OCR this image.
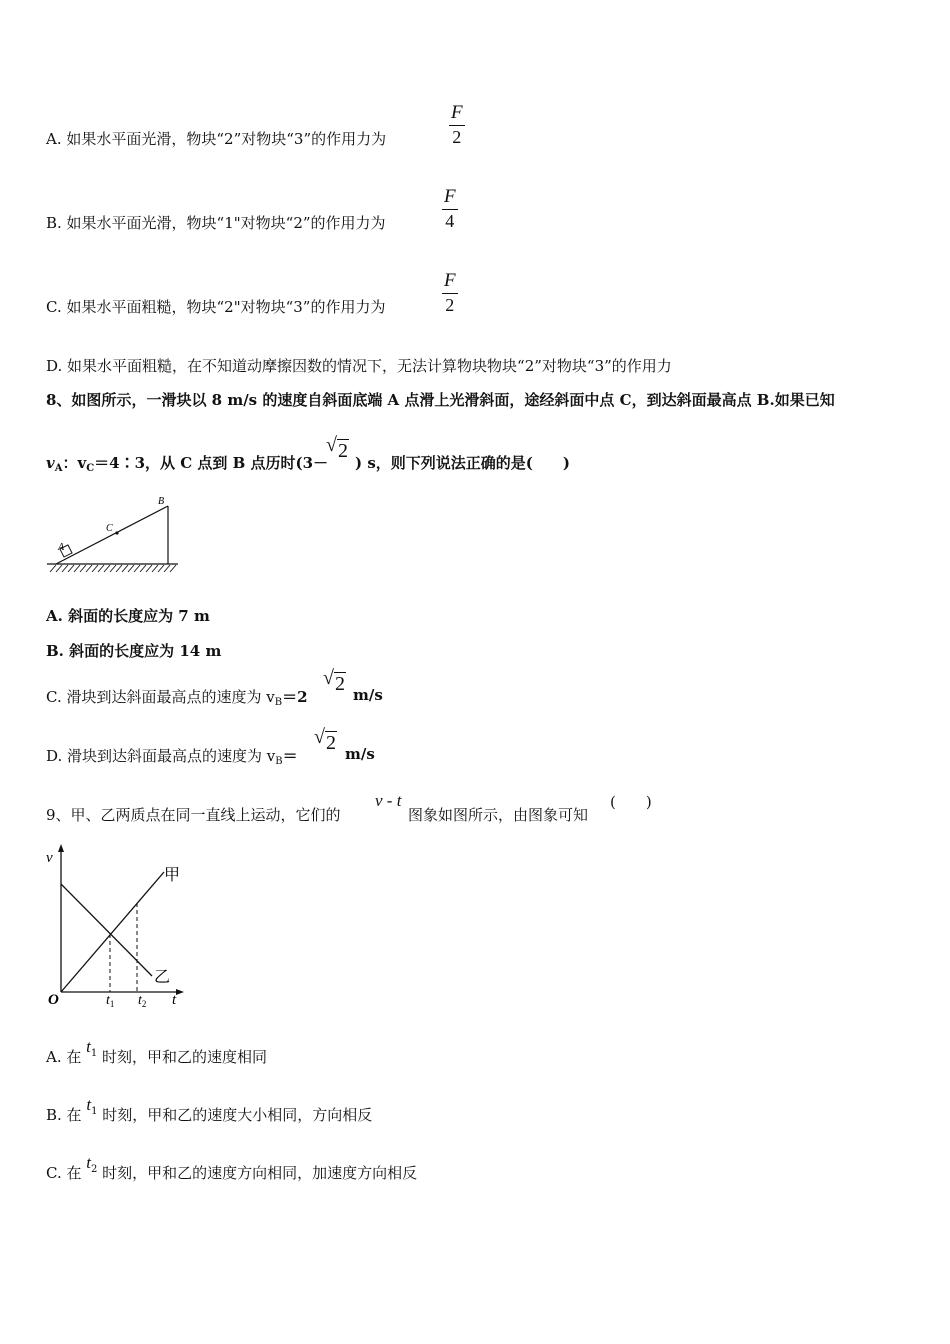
A. 如果水平面光滑，物块“2”对物块“3”的作用力为
F
2
B. 如果水平面光滑，物块“1"对物块“2”的作用力为
F
4
C. 如果水平面粗糙，物块“2"对物块“3”的作用力为
F
2
D. 如果水平面粗糙，在不知道动摩擦因数的情况下，无法计算物块物块“2”对物块“3”的作用力
8、如图所示，一滑块以 8 m/s 的速度自斜面底端 A 点滑上光滑斜面，途经斜面中点 C，到达斜面最高点 B.如果已知
$v_A$：$v_C=4∶3$，从 C 点到 B 点历时(3－
√2
) s，则下列说法正确的是(　　)
A
C
B
A. 斜面的长度应为 7 m
B. 斜面的长度应为 14 m
C. 滑块到达斜面最高点的速度为 $v_B=2$
√2 m/s
D. 滑块到达斜面最高点的速度为 $v_B=$
√2 m/s
9、甲、乙两质点在同一直线上运动，它们的
v - t
图象如图所示，由图象可知
(　　)
v
O	t
$t_1$ $t_2$
甲
乙
A. 在 $t^1$ 时刻，甲和乙的速度相同
B. 在 $t^1$ 时刻，甲和乙的速度大小相同，方向相反
C. 在 $t^2$ 时刻，甲和乙的速度方向相同，加速度方向相反
